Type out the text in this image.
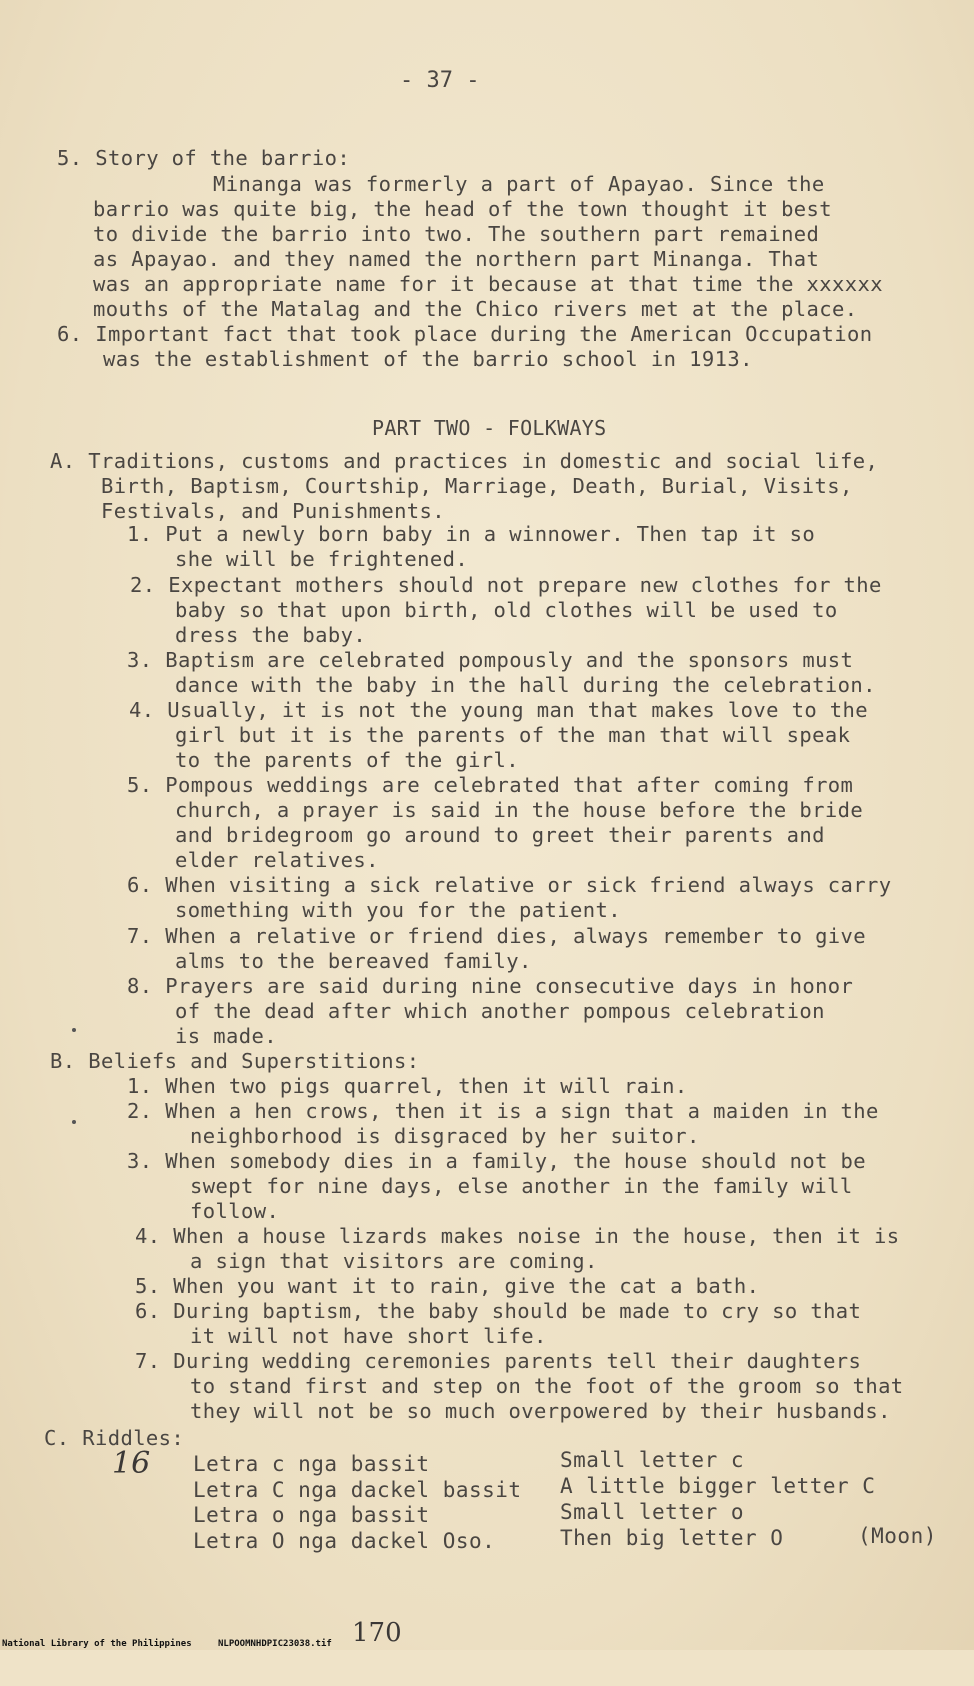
- 37 -
5. Story of the barrio:
Minanga was formerly a part of Apayao. Since the
barrio was quite big, the head of the town thought it best
to divide the barrio into two. The southern part remained
as Apayao. and they named the northern part Minanga. That
was an appropriate name for it because at that time the xxxxxx
mouths of the Matalag and the Chico rivers met at the place.
6. Important fact that took place during the American Occupation
was the establishment of the barrio school in 1913.
PART TWO - FOLKWAYS
A. Traditions, customs and practices in domestic and social life,
Birth, Baptism, Courtship, Marriage, Death, Burial, Visits,
Festivals, and Punishments.
1. Put a newly born baby in a winnower. Then tap it so
she will be frightened.
2. Expectant mothers should not prepare new clothes for the
baby so that upon birth, old clothes will be used to
dress the baby.
3. Baptism are celebrated pompously and the sponsors must
dance with the baby in the hall during the celebration.
4. Usually, it is not the young man that makes love to the
girl but it is the parents of the man that will speak
to the parents of the girl.
5. Pompous weddings are celebrated that after coming from
church, a prayer is said in the house before the bride
and bridegroom go around to greet their parents and
elder relatives.
6. When visiting a sick relative or sick friend always carry
something with you for the patient.
7. When a relative or friend dies, always remember to give
alms to the bereaved family.
8. Prayers are said during nine consecutive days in honor
of the dead after which another pompous celebration
is made.
B. Beliefs and Superstitions:
1. When two pigs quarrel, then it will rain.
2. When a hen crows, then it is a sign that a maiden in the
neighborhood is disgraced by her suitor.
3. When somebody dies in a family, the house should not be
swept for nine days, else another in the family will
follow.
4. When a house lizards makes noise in the house, then it is
a sign that visitors are coming.
5. When you want it to rain, give the cat a bath.
6. During baptism, the baby should be made to cry so that
it will not have short life.
7. During wedding ceremonies parents tell their daughters
to stand first and step on the foot of the groom so that
they will not be so much overpowered by their husbands.
C. Riddles:
16 Letra c nga bassit
Letra C nga dackel bassit
Letra o nga bassit
Letra O nga dackel Oso.
Small letter c
A little bigger letter C
Small letter o
Then big letter O	(Moon)

National Library of the Philippines

	NLPOOMNHDPIC23038.tif

170
